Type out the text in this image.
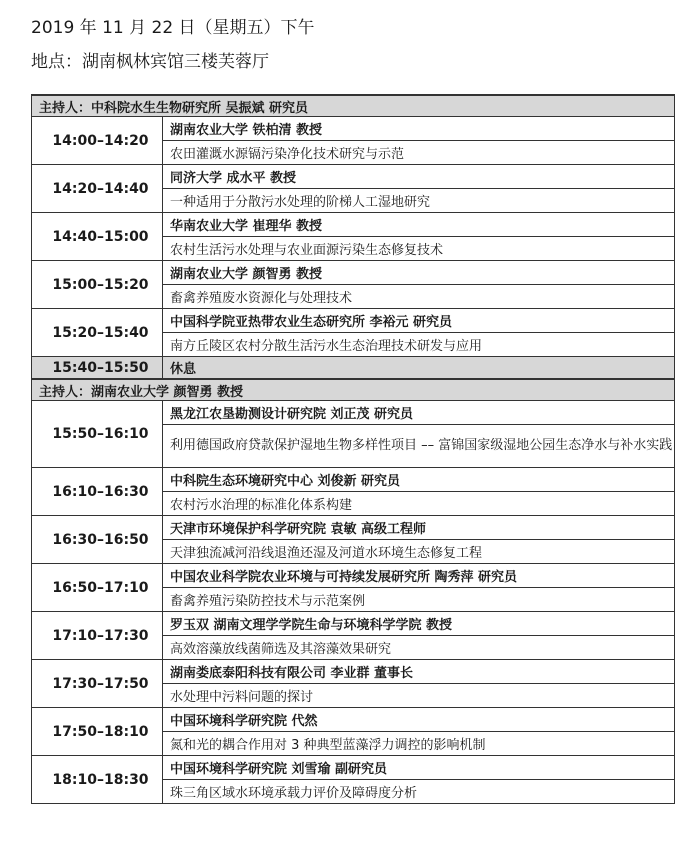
2019 年 11 月 22 日（星期五）下午
地点：湖南枫林宾馆三楼芙蓉厅
主持人：中科院水生生物研究所 吴振斌 研究员	
14:00–14:20	湖南农业大学 铁柏清 教授
	农田灌溉水源镉污染净化技术研究与示范
14:20–14:40	同济大学 成水平 教授
	一种适用于分散污水处理的阶梯人工湿地研究
14:40–15:00	华南农业大学 崔理华 教授
	农村生活污水处理与农业面源污染生态修复技术
15:00–15:20	湖南农业大学 颜智勇 教授
	畜禽养殖废水资源化与处理技术
15:20–15:40	中国科学院亚热带农业生态研究所 李裕元 研究员
	南方丘陵区农村分散生活污水生态治理技术研发与应用
15:40–15:50	休息
主持人：湖南农业大学 颜智勇 教授	
15:50–16:10	黑龙江农垦勘测设计研究院 刘正茂 研究员
	利用德国政府贷款保护湿地生物多样性项目 –– 富锦国家级湿地公园生态净水与补水实践
16:10–16:30	中科院生态环境研究中心 刘俊新 研究员
	农村污水治理的标准化体系构建
16:30–16:50	天津市环境保护科学研究院 袁敏 高级工程师
	天津独流减河沿线退渔还湿及河道水环境生态修复工程
16:50–17:10	中国农业科学院农业环境与可持续发展研究所 陶秀萍 研究员
	畜禽养殖污染防控技术与示范案例
17:10–17:30	罗玉双 湖南文理学学院生命与环境科学学院 教授
	高效溶藻放线菌筛选及其溶藻效果研究
17:30–17:50	湖南娄底泰阳科技有限公司 李业群 董事长
	水处理中污料问题的探讨
17:50–18:10	中国环境科学研究院 代然
	氮和光的耦合作用对 3 种典型蓝藻浮力调控的影响机制
18:10–18:30	中国环境科学研究院 刘雪瑜 副研究员
	珠三角区域水环境承载力评价及障碍度分析
